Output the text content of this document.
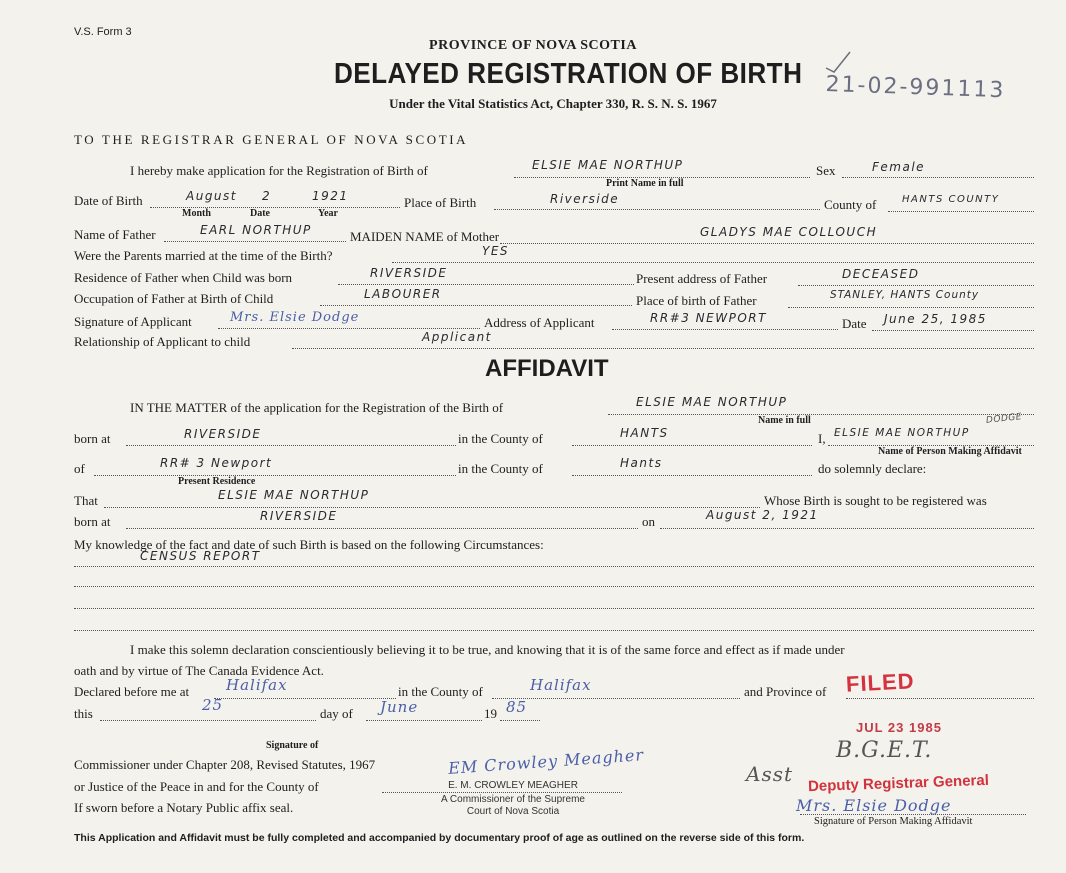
V.S. Form 3
PROVINCE OF NOVA SCOTIA
DELAYED REGISTRATION OF BIRTH
Under the Vital Statistics Act, Chapter 330, R. S. N. S. 1967
21-02-991113
TO THE REGISTRAR GENERAL OF NOVA SCOTIA
I hereby make application for the Registration of Birth of	ELSIE MAE NORTHUP
Print Name in full
Sex	Female
Date of Birth	August 2	1921
Month	Date	Year
Place of Birth	Riverside	County of	HANTS COUNTY
Name of Father	EARL NORTHUP	MAIDEN NAME of Mother	GLADYS MAE COLLOUCH
Were the Parents married at the time of the Birth?	YES
Residence of Father when Child was born	RIVERSIDE	Present address of Father	DECEASED
Occupation of Father at Birth of Child	LABOURER	Place of birth of Father	STANLEY, HANTS County
Signature of Applicant	Mrs. Elsie Dodge	Address of Applicant	RR#3 NEWPORT	Date June 25, 1985
Relationship of Applicant to child	Applicant
AFFIDAVIT
IN THE MATTER of the application for the Registration of the Birth of	ELSIE MAE NORTHUP
Name in full
born at	RIVERSIDE	in the County of	HANTS	I, ELSIE MAE NORTHUP
DODGE
Name of Person Making Affidavit
of	RR# 3 Newport
Present Residence
in the County of	Hants	do solemnly declare:
That	ELSIE MAE NORTHUP	Whose Birth is sought to be registered was
born at	RIVERSIDE	on	August 2, 1921
My knowledge of the fact and date of such Birth is based on the following Circumstances:
CENSUS REPORT
I make this solemn declaration conscientiously believing it to be true, and knowing that it is of the same force and effect as if made under
oath and by virtue of The Canada Evidence Act.
Declared before me at Halifax	in the County of	Halifax	and Province of
this	25	day of June	19 85
Signature of
Commissioner under Chapter 208, Revised Statutes, 1967
or Justice of the Peace in and for the County of
If sworn before a Notary Public affix seal.
EM Crowley Meagher
E. M. CROWLEY MEAGHER
A Commissioner of the Supreme
Court of Nova Scotia
FILED
JUL 23 1985
B.G.E.T.
Asst Deputy Registrar General
Mrs. Elsie Dodge
Signature of Person Making Affidavit
This Application and Affidavit must be fully completed and accompanied by documentary proof of age as outlined on the reverse side of this form.
